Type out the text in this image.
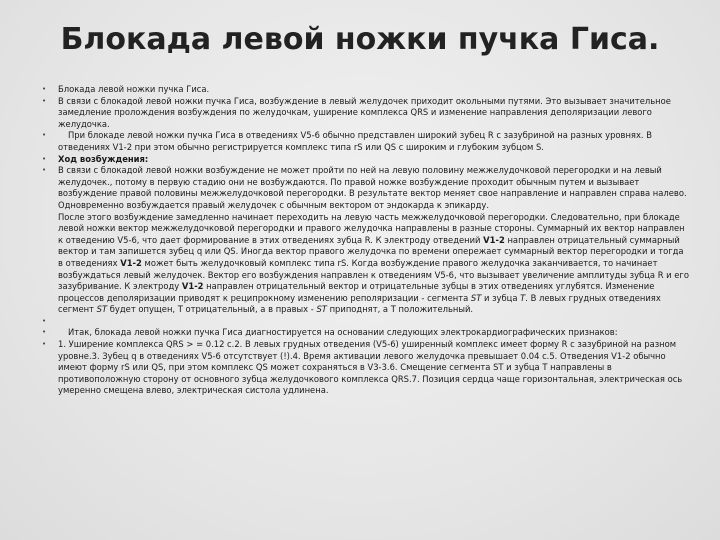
Блокада левой ножки пучка Гиса.
• Блокада левой ножки пучка Гиса.
• В связи с блокадой левой ножки пучка Гиса, возбуждение в левый желудочек приходит окольными путями. Это вызывает значительное замедление пролождения возбуждения по желудочкам, уширение комплекса QRS и изменение направления деполяризации левого желудочка.
• При блокаде левой ножки пучка Гиса в отведениях V5-6 обычно представлен широкий зубец R с зазубриной на разных уровнях. В отведениях V1-2 при этом обычно регистрируется комплекс типа rS или QS с широким и глубоким зубцом S.
• Ход возбуждения:
• В связи с блокадой левой ножки возбуждение не может пройти по ней на левую половину межжелудочковой перегородки и на левый желудочек., потому в первую стадию они не возбуждаются. По правой ножке возбуждение проходит обычным путем и вызывает возбуждение правой половины межжелудочковой перегородки. В результате вектор меняет свое направление и направлен справа налево. Одновременно возбуждается правый желудочек с обычным вектором от эндокарда к эпикарду.
После этого возбуждение замедленно начинает переходить на левую часть межжелудочковой перегородки. Следовательно, при блокаде левой ножки вектор межжелудочковой перегородки и правого желудочка направлены в разные стороны. Суммарный их вектор направлен к отведению V5-6, что дает формирование в этих отведениях зубца R. К электроду отведений V1-2 направлен отрицательный суммарный вектор и там запишется зубец q или QS. Иногда вектор правого желудочка по времени опережает суммарный вектор перегородки и тогда в отведениях V1-2 может быть желудочковый комплекс типа rS. Когда возбуждение правого желудочка заканчивается, то начинает возбуждаться левый желудочек. Вектор его возбуждения направлен к отведениям V5-6, что вызывает увеличение амплитуды зубца R и его зазубривание. К электроду V1-2 направлен отрицательный вектор и отрицательные зубцы в этих отведениях углубятся. Изменение процессов деполяризации приводят к реципрокному изменению реполяризации - сегмента ST и зубца T. В левых грудных отведениях сегмент ST будет опущен, Т отрицательный, а в правых - ST приподнят, а Т положительный.
•
• Итак, блокада левой ножки пучка Гиса диагностируется на основании следующих электрокардиографических признаков:
• 1. Уширение комплекса QRS > = 0.12 с.2. В левых грудных отведения (V5-6) уширенный комплекс имеет форму R с зазубриной на разном уровне.3. Зубец q в отведениях V5-6 отсутствует (!).4. Время активации левого желудочка превышает 0.04 с.5. Отведения V1-2 обычно имеют форму rS или QS, при этом комплекс QS может сохраняться в V3-3.6. Смещение сегмента ST и зубца T направлены в противоположную сторону от основного зубца желудочкового комплекса QRS.7. Позиция сердца чаще горизонтальная, электрическая ось умеренно смещена влево, электрическая систола удлинена.
